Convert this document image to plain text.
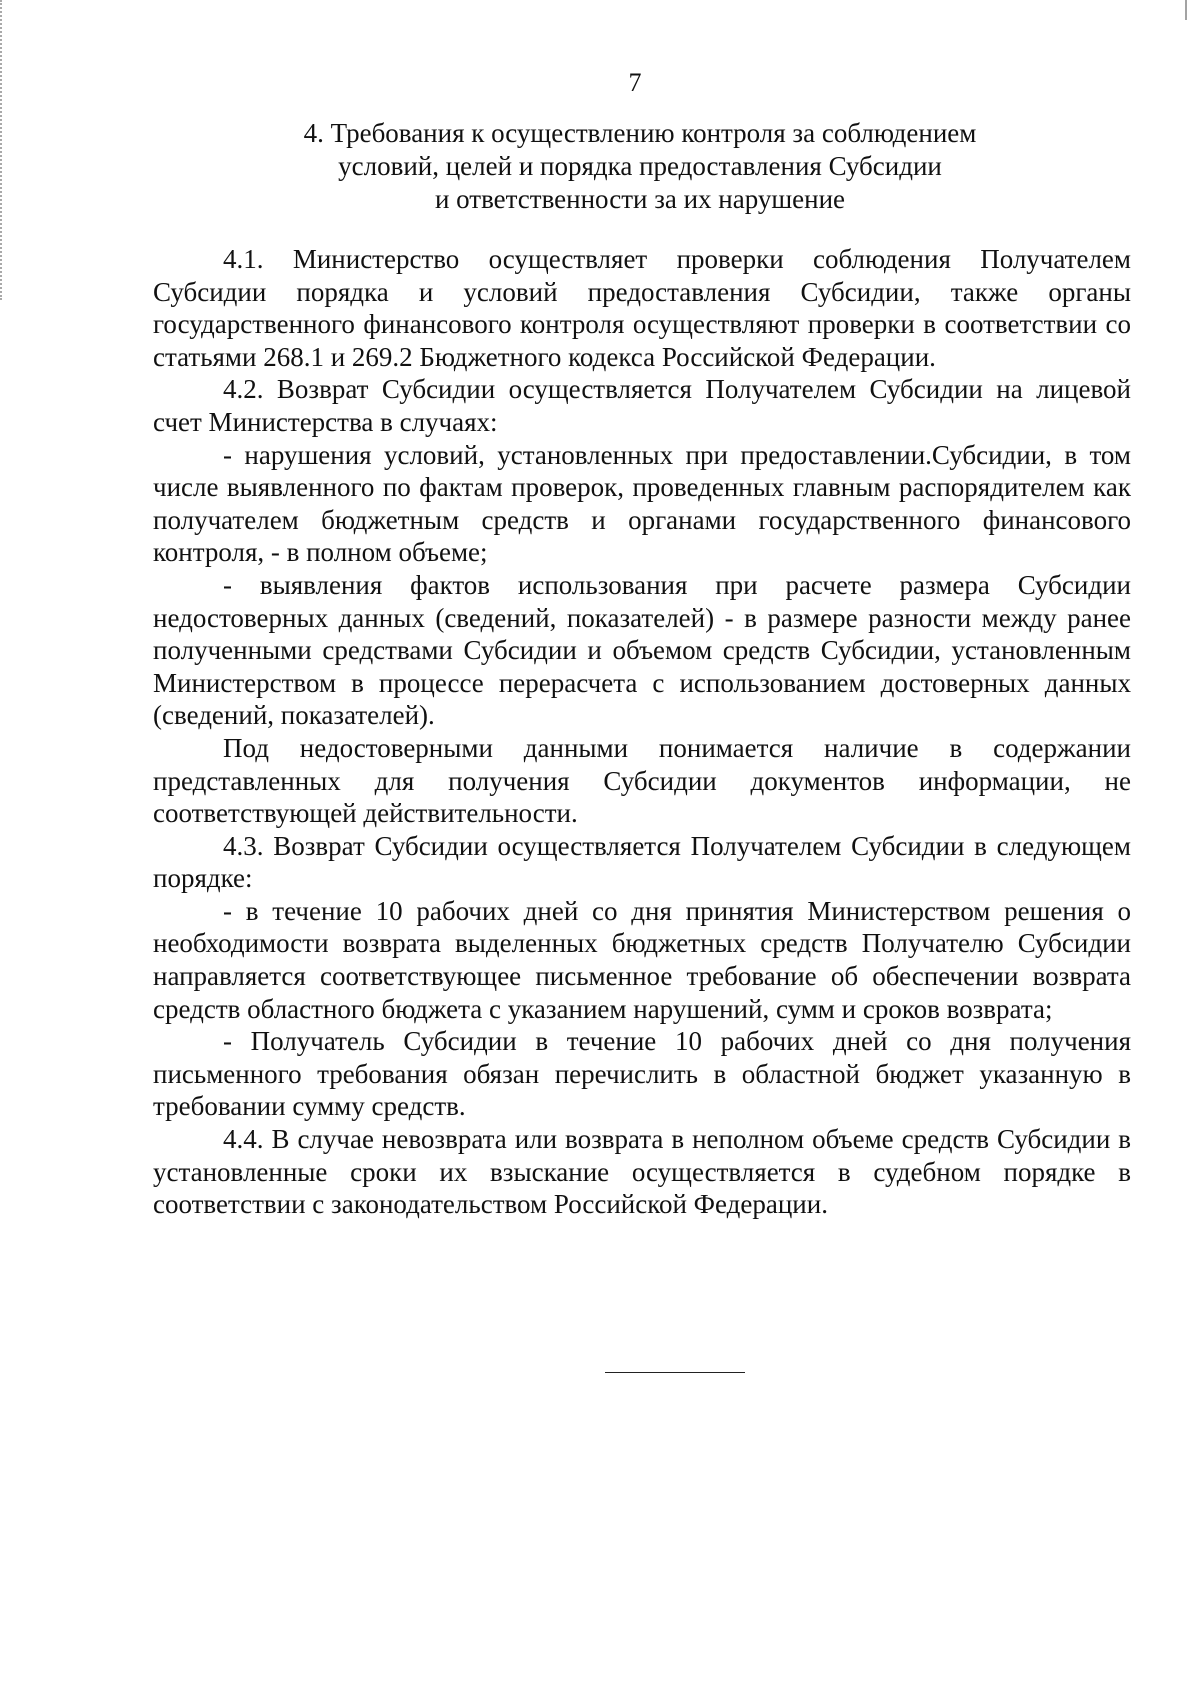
7
4. Требования к осуществлению контроля за соблюдением
условий, целей и порядка предоставления Субсидии
и ответственности за их нарушение

4.1. Министерство осуществляет проверки соблюдения Получателем Субсидии порядка и условий предоставления Субсидии, также органы государственного финансового контроля осуществляют проверки в соответствии со статьями 268.1 и 269.2 Бюджетного кодекса Российской Федерации.

4.2. Возврат Субсидии осуществляется Получателем Субсидии на лицевой счет Министерства в случаях:

- нарушения условий, установленных при предоставлении.Субсидии, в том числе выявленного по фактам проверок, проведенных главным распорядителем как получателем бюджетным средств и органами государственного финансового контроля, - в полном объеме;

- выявления фактов использования при расчете размера Субсидии недостоверных данных (сведений, показателей) - в размере разности между ранее полученными средствами Субсидии и объемом средств Субсидии, установленным Министерством в процессе перерасчета с использованием достоверных данных (сведений, показателей).

Под недостоверными данными понимается наличие в содержании представленных для получения Субсидии документов информации, не соответствующей действительности.

4.3. Возврат Субсидии осуществляется Получателем Субсидии в следующем порядке:

- в течение 10 рабочих дней со дня принятия Министерством решения о необходимости возврата выделенных бюджетных средств Получателю Субсидии направляется соответствующее письменное требование об обеспечении возврата средств областного бюджета с указанием нарушений, сумм и сроков возврата;

- Получатель Субсидии в течение 10 рабочих дней со дня получения письменного требования обязан перечислить в областной бюджет указанную в требовании сумму средств.

4.4. В случае невозврата или возврата в неполном объеме средств Субсидии в установленные сроки их взыскание осуществляется в судебном порядке в соответствии с законодательством Российской Федерации.
